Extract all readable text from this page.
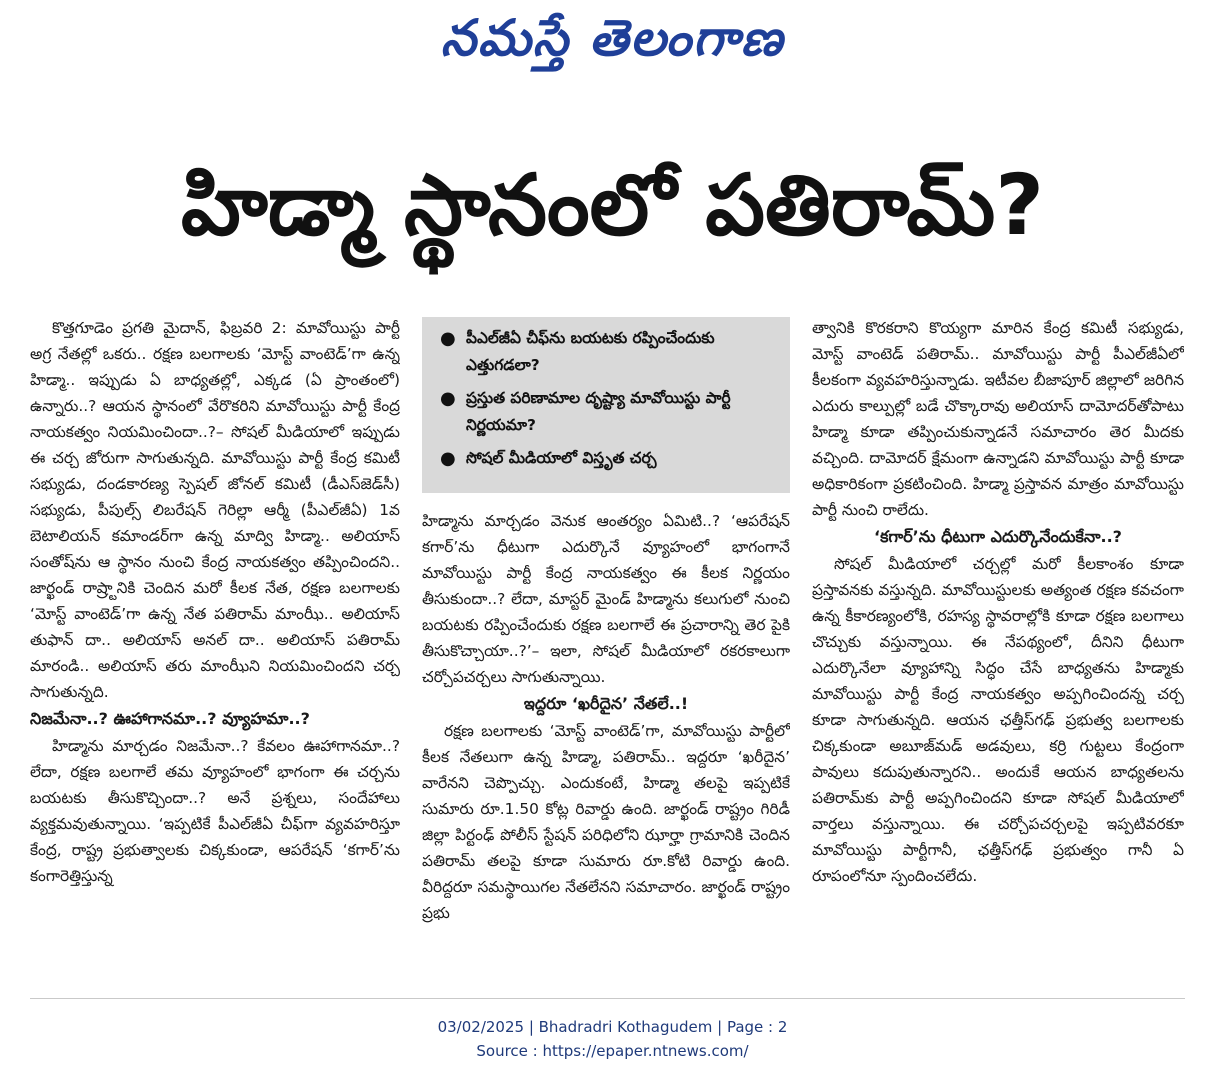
నమస్తే తెలంగాణ
హిడ్మా స్థానంలో పతిరామ్?
● పీఎల్‌జీఏ చీఫ్‌ను బయటకు రప్పించేందుకు ఎత్తుగడలా?
● ప్రస్తుత పరిణామాల దృష్ట్యా మావోయిస్టు పార్టీ నిర్ణయమా?
● సోషల్ మీడియాలో విస్తృత చర్చ

కొత్తగూడెం ప్రగతి మైదాన్, ఫిబ్రవరి 2: మావోయిస్టు పార్టీ అగ్ర నేతల్లో ఒకరు.. రక్షణ బలగాలకు ‘మోస్ట్ వాంటెడ్’గా ఉన్న హిడ్మా.. ఇప్పుడు ఏ బాధ్యతల్లో, ఎక్కడ (ఏ ప్రాంతంలో) ఉన్నారు..? ఆయన స్థానంలో వేరొకరిని మావోయిస్టు పార్టీ కేంద్ర నాయకత్వం నియమించిందా..?– సోషల్ మీడియాలో ఇప్పుడు ఈ చర్చ జోరుగా సాగుతున్నది. మావోయిస్టు పార్టీ కేంద్ర కమిటీ సభ్యుడు, దండకారణ్య స్పెషల్ జోనల్ కమిటీ (డీఎస్‌జెడ్‌సీ) సభ్యుడు, పీపుల్స్ లిబరేషన్ గెరిల్లా ఆర్మీ (పీఎల్‌జీఏ) 1వ బెటాలియన్ కమాండర్‌గా ఉన్న మాద్వి హిడ్మా.. అలియాస్ సంతోష్‌ను ఆ స్థానం నుంచి కేంద్ర నాయకత్వం తప్పించిందని.. జార్ఖండ్ రాష్ర్టానికి చెందిన మరో కీలక నేత, రక్షణ బలగాలకు ‘మోస్ట్ వాంటెడ్’గా ఉన్న నేత పతిరామ్ మాంఝీ.. అలియాస్ తుఫాన్ దా.. అలియాస్ అనల్ దా.. అలియాస్ పతిరామ్ మారండి.. అలియాస్ తరు మాంఝీని నియమించిందని చర్చ సాగుతున్నది.

నిజమేనా..? ఊహాగానమా..? వ్యూహమా..?

హిడ్మాను మార్చడం నిజమేనా..? కేవలం ఊహాగానమా..? లేదా, రక్షణ బలగాలే తమ వ్యూహంలో భాగంగా ఈ చర్చను బయటకు తీసుకొచ్చిందా..? అనే ప్రశ్నలు, సందేహాలు వ్యక్తమవుతున్నాయి. ‘ఇప్పటికే పీఎల్‌జీఏ చీఫ్‌గా వ్యవహరిస్తూ కేంద్ర, రాష్ట్ర ప్రభుత్వాలకు చిక్కకుండా, ఆపరేషన్ ‘కగార్’ను కంగారెత్తిస్తున్న

హిడ్మాను మార్చడం వెనుక ఆంతర్యం ఏమిటి..? ‘ఆపరేషన్ కగార్’ను ధీటుగా ఎదుర్కొనే వ్యూహంలో భాగంగానే మావోయిస్టు పార్టీ కేంద్ర నాయకత్వం ఈ కీలక నిర్ణయం తీసుకుందా..? లేదా, మాస్టర్ మైండ్ హిడ్మాను కలుగులో నుంచి బయటకు రప్పించేందుకు రక్షణ బలగాలే ఈ ప్రచారాన్ని తెర పైకి తీసుకొచ్చాయా..?’– ఇలా, సోషల్ మీడియాలో రకరకాలుగా చర్చోపచర్చలు సాగుతున్నాయి.

ఇద్దరూ ‘ఖరీదైన’ నేతలే..!

రక్షణ బలగాలకు ‘మోస్ట్ వాంటెడ్’గా, మావోయిస్టు పార్టీలో కీలక నేతలుగా ఉన్న హిడ్మా, పతిరామ్.. ఇద్దరూ ‘ఖరీదైన’ వారేనని చెప్పొచ్చు. ఎందుకంటే, హిడ్మా తలపై ఇప్పటికే సుమారు రూ.1.50 కోట్ల రివార్డు ఉంది. జార్ఖండ్ రాష్ట్రం గిరిడీ జిల్లా పిర్టంఢ్ పోలీస్ స్టేషన్ పరిధిలోని ఝార్హా గ్రామానికి చెందిన పతిరామ్ తలపై కూడా సుమారు రూ.కోటి రివార్డు ఉంది. వీరిద్దరూ సమస్థాయిగల నేతలేనని సమాచారం. జార్ఖండ్ రాష్ట్రం ప్రభు

త్వానికి కొరకరాని కొయ్యగా మారిన కేంద్ర కమిటీ సభ్యుడు, మోస్ట్ వాంటెడ్ పతిరామ్.. మావోయిస్టు పార్టీ పీఎల్‌జీఏలో కీలకంగా వ్యవహరిస్తున్నాడు. ఇటీవల బీజాపూర్ జిల్లాలో జరిగిన ఎదురు కాల్పుల్లో బడే చొక్కారావు అలియాస్ దామోదర్‌తోపాటు హిడ్మా కూడా తప్పించుకున్నాడనే సమాచారం తెర మీదకు వచ్చింది. దామోదర్ క్షేమంగా ఉన్నాడని మావోయిస్టు పార్టీ కూడా అధికారికంగా ప్రకటించింది. హిడ్మా ప్రస్తావన మాత్రం మావోయిస్టు పార్టీ నుంచి రాలేదు.

‘కగార్’ను ధీటుగా ఎదుర్కొనేందుకేనా..?

సోషల్ మీడియాలో చర్చల్లో మరో కీలకాంశం కూడా ప్రస్తావనకు వస్తున్నది. మావోయిస్టులకు అత్యంత రక్షణ కవచంగా ఉన్న కీకారణ్యంలోకి, రహస్య స్థావరాల్లోకి కూడా రక్షణ బలగాలు చొచ్చుకు వస్తున్నాయి. ఈ నేపథ్యంలో, దీనిని ధీటుగా ఎదుర్కొనేలా వ్యూహాన్ని సిద్ధం చేసే బాధ్యతను హిడ్మాకు మావోయిస్టు పార్టీ కేంద్ర నాయకత్వం అప్పగించిందన్న చర్చ కూడా సాగుతున్నది. ఆయన ఛత్తీస్‌గఢ్ ప్రభుత్వ బలగాలకు చిక్కకుండా అబూజ్‌మడ్ అడవులు, కర్రి గుట్టలు కేంద్రంగా పావులు కదుపుతున్నారని.. అందుకే ఆయన బాధ్యతలను పతిరామ్‌కు పార్టీ అప్పగించిందని కూడా సోషల్ మీడియాలో వార్తలు వస్తున్నాయి. ఈ చర్చోపచర్చలపై ఇప్పటివరకూ మావోయిస్టు పార్టీగానీ, ఛత్తీస్‌గఢ్ ప్రభుత్వం గానీ ఏ రూపంలోనూ స్పందించలేదు.

03/02/2025 | Bhadradri Kothagudem | Page : 2
Source : https://epaper.ntnews.com/
